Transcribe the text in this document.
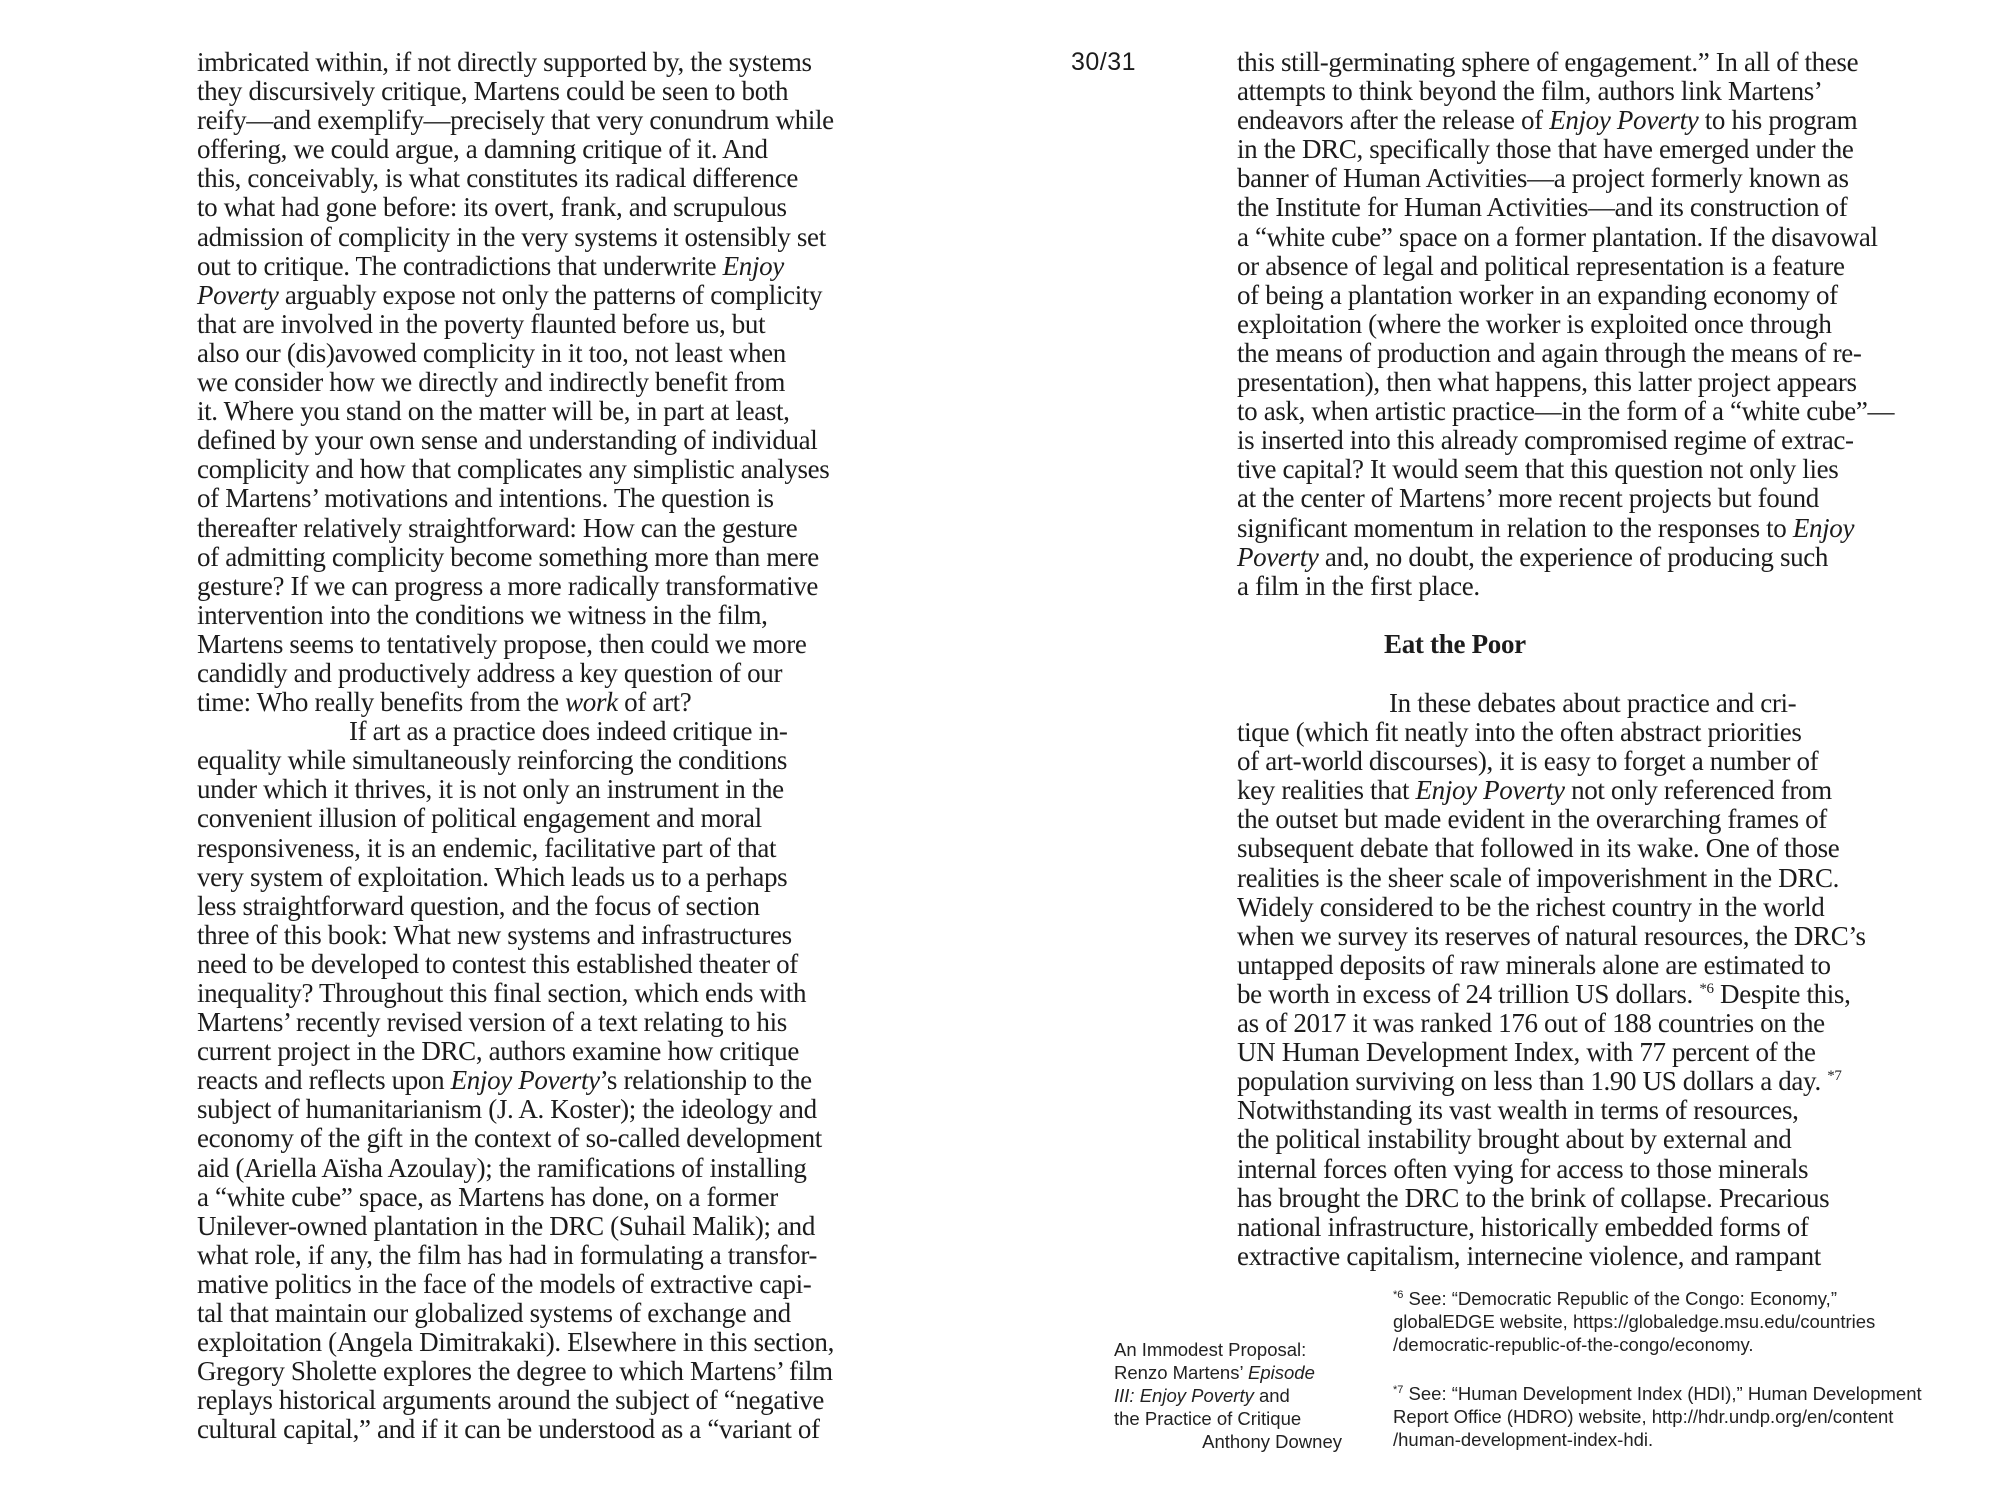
30/31
imbricated within, if not directly supported by, the systems
they discursively critique, Martens could be seen to both
reify—and exemplify—precisely that very conundrum while
offering, we could argue, a damning critique of it. And
this, conceivably, is what constitutes its radical difference
to what had gone before: its overt, frank, and scrupulous
admission of complicity in the very systems it ostensibly set
out to critique. The contradictions that underwrite Enjoy
Poverty arguably expose not only the patterns of complicity
that are involved in the poverty flaunted before us, but
also our (dis)avowed complicity in it too, not least when
we consider how we directly and indirectly benefit from
it. Where you stand on the matter will be, in part at least,
defined by your own sense and understanding of individual
complicity and how that complicates any simplistic analyses
of Martens’ motivations and intentions. The question is
thereafter relatively straightforward: How can the gesture
of admitting complicity become something more than mere
gesture? If we can progress a more radically transformative
intervention into the conditions we witness in the film,
Martens seems to tentatively propose, then could we more
candidly and productively address a key question of our
time: Who really benefits from the work of art?
If art as a practice does indeed critique in-
equality while simultaneously reinforcing the conditions
under which it thrives, it is not only an instrument in the
convenient illusion of political engagement and moral
responsiveness, it is an endemic, facilitative part of that
very system of exploitation. Which leads us to a perhaps
less straightforward question, and the focus of section
three of this book: What new systems and infrastructures
need to be developed to contest this established theater of
inequality? Throughout this final section, which ends with
Martens’ recently revised version of a text relating to his
current project in the DRC, authors examine how critique
reacts and reflects upon Enjoy Poverty’s relationship to the
subject of humanitarianism (J. A. Koster); the ideology and
economy of the gift in the context of so-called development
aid (Ariella Aïsha Azoulay); the ramifications of installing
a “white cube” space, as Martens has done, on a former
Unilever-owned plantation in the DRC (Suhail Malik); and
what role, if any, the film has had in formulating a transfor-
mative politics in the face of the models of extractive capi-
tal that maintain our globalized systems of exchange and
exploitation (Angela Dimitrakaki). Elsewhere in this section,
Gregory Sholette explores the degree to which Martens’ film
replays historical arguments around the subject of “negative
cultural capital,” and if it can be understood as a “variant of
this still-germinating sphere of engagement.” In all of these
attempts to think beyond the film, authors link Martens’
endeavors after the release of Enjoy Poverty to his program
in the DRC, specifically those that have emerged under the
banner of Human Activities—a project formerly known as
the Institute for Human Activities—and its construction of
a “white cube” space on a former plantation. If the disavowal
or absence of legal and political representation is a feature
of being a plantation worker in an expanding economy of
exploitation (where the worker is exploited once through
the means of production and again through the means of re-
presentation), then what happens, this latter project appears
to ask, when artistic practice—in the form of a “white cube”—
is inserted into this already compromised regime of extrac-
tive capital? It would seem that this question not only lies
at the center of Martens’ more recent projects but found
significant momentum in relation to the responses to Enjoy
Poverty and, no doubt, the experience of producing such
a film in the first place.
Eat the Poor
In these debates about practice and cri-
tique (which fit neatly into the often abstract priorities
of art-world discourses), it is easy to forget a number of
key realities that Enjoy Poverty not only referenced from
the outset but made evident in the overarching frames of
subsequent debate that followed in its wake. One of those
realities is the sheer scale of impoverishment in the DRC.
Widely considered to be the richest country in the world
when we survey its reserves of natural resources, the DRC’s
untapped deposits of raw minerals alone are estimated to
be worth in excess of 24 trillion US dollars. $^{*6}$ Despite this,
as of 2017 it was ranked 176 out of 188 countries on the
UN Human Development Index, with 77 percent of the
population surviving on less than 1.90 US dollars a day. $^{*7}$
Notwithstanding its vast wealth in terms of resources,
the political instability brought about by external and
internal forces often vying for access to those minerals
has brought the DRC to the brink of collapse. Precarious
national infrastructure, historically embedded forms of
extractive capitalism, internecine violence, and rampant
An Immodest Proposal:
Renzo Martens’ Episode
III: Enjoy Poverty and
the Practice of Critique
Anthony Downey
$^{*6}$ See: “Democratic Republic of the Congo: Economy,”
globalEDGE website, https://globaledge.msu.edu/countries
/democratic-republic-of-the-congo/economy.
$^{*7}$ See: “Human Development Index (HDI),” Human Development
Report Office (HDRO) website, http://hdr.undp.org/en/content
/human-development-index-hdi.
